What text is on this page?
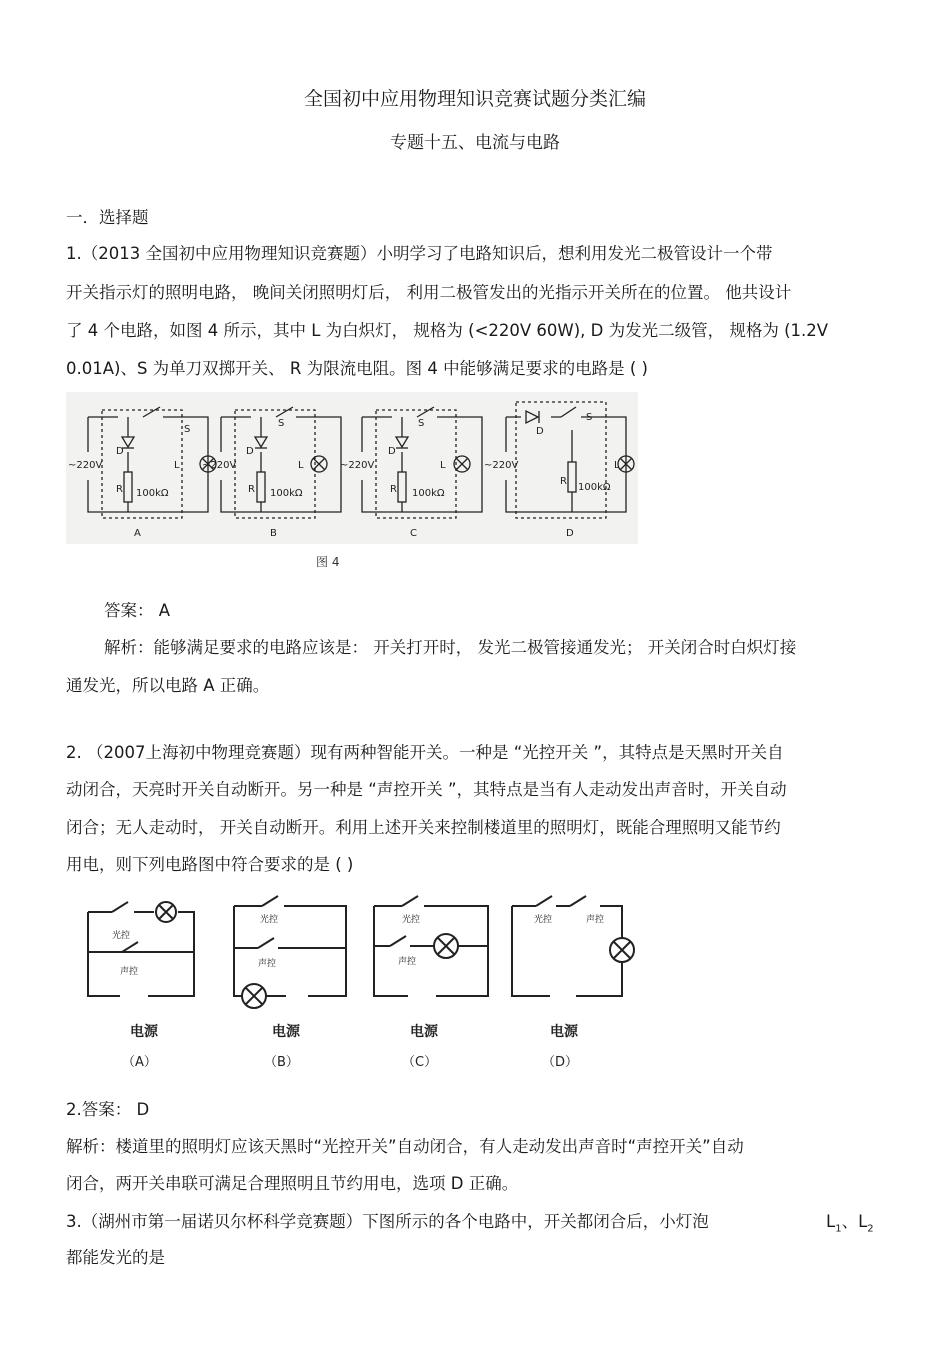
全国初中应用物理知识竞赛试题分类汇编
专题十五、电流与电路
一．选择题
1.（2013 全国初中应用物理知识竞赛题）小明学习了电路知识后，想利用发光二极管设计一个带
开关指示灯的照明电路， 晚间关闭照明灯后， 利用二极管发出的光指示开关所在的位置。 他共设计
了 4 个电路，如图 4 所示，其中 L 为白炽灯， 规格为 (<220V 60W), D 为发光二级管， 规格为 (1.2V
0.01A)、S 为单刀双掷开关、 R 为限流电阻。图 4 中能够满足要求的电路是 ( )
~220V
S
D
R 100kΩ
L
A
~220V
S
D
R 100kΩ
L
B
~220V
S
D
R 100kΩ
L
C
~220V
S
D
R
100kΩ
L
D
图 4
答案： A
解析：能够满足要求的电路应该是： 开关打开时， 发光二极管接通发光； 开关闭合时白炽灯接
通发光，所以电路 A 正确。
2. （2007上海初中物理竞赛题）现有两种智能开关。一种是 “光控开关 ”，其特点是天黑时开关自
动闭合，天亮时开关自动断开。另一种是 “声控开关 ”，其特点是当有人走动发出声音时，开关自动
闭合；无人走动时， 开关自动断开。利用上述开关来控制楼道里的照明灯，既能合理照明又能节约
用电，则下列电路图中符合要求的是 ( )
光控
声控
光控
声控
光控
声控
光控	声控
电源	电源	电源	电源
（A）	（B）	（C）	（D）
2.答案： D
解析：楼道里的照明灯应该天黑时“光控开关”自动闭合，有人走动发出声音时“声控开关”自动
闭合，两开关串联可满足合理照明且节约用电，选项 D 正确。
3.（湖州市第一届诺贝尔杯科学竞赛题）下图所示的各个电路中，开关都闭合后，小灯泡	$L_1$、$L_2$
都能发光的是
